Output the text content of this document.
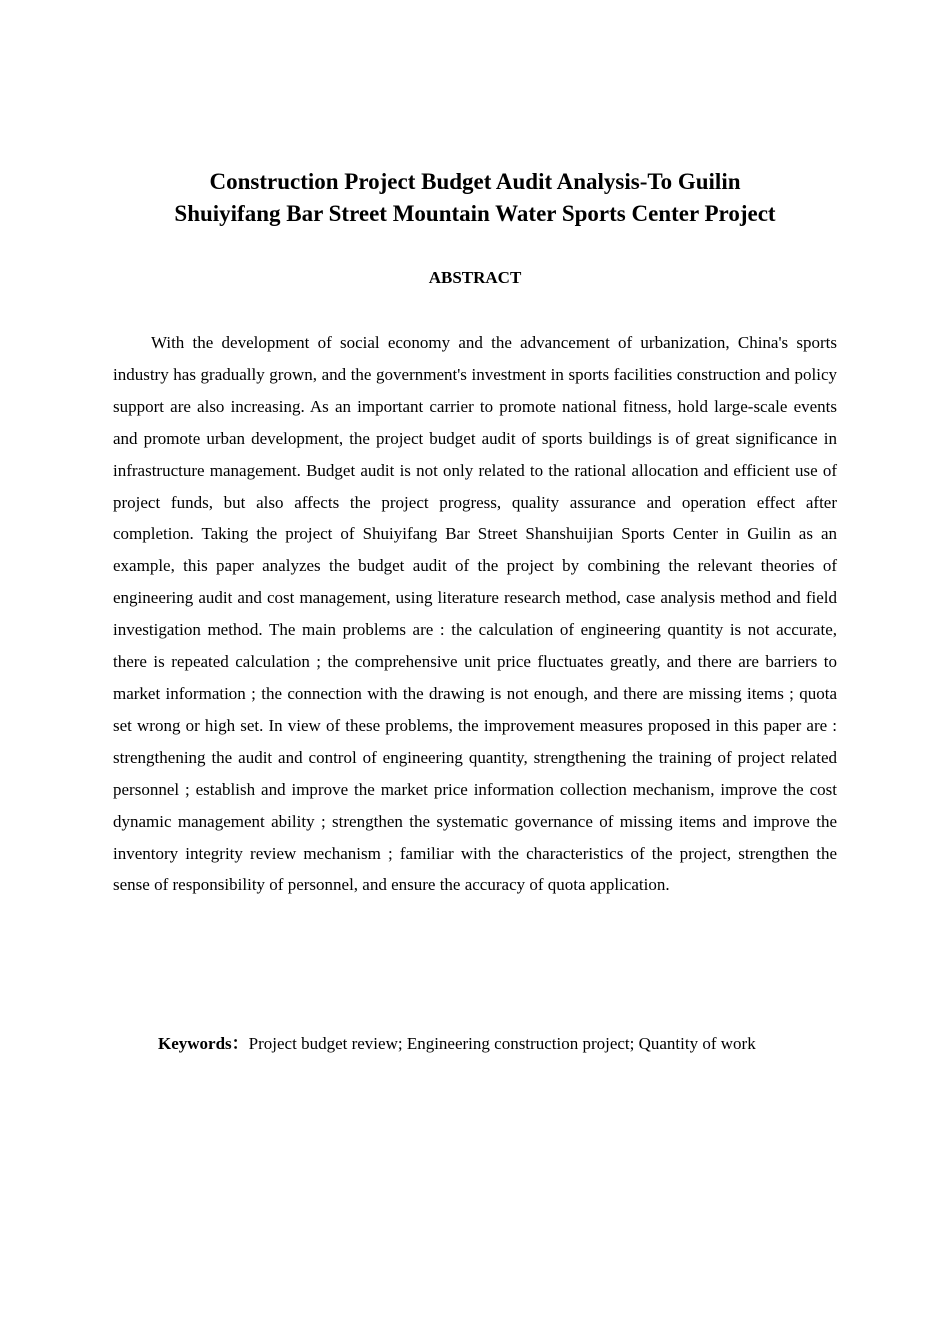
Construction Project Budget Audit Analysis-To Guilin
Shuiyifang Bar Street Mountain Water Sports Center Project
ABSTRACT

With the development of social economy and the advancement of urbanization, China's sports industry has gradually grown, and the government's investment in sports facilities construction and policy support are also increasing. As an important carrier to promote national fitness, hold large-scale events and promote urban development, the project budget audit of sports buildings is of great significance in infrastructure management. Budget audit is not only related to the rational allocation and efficient use of project funds, but also affects the project progress, quality assurance and operation effect after completion. Taking the project of Shuiyifang Bar Street Shanshuijian Sports Center in Guilin as an example, this paper analyzes the budget audit of the project by combining the relevant theories of engineering audit and cost management, using literature research method, case analysis method and field investigation method. The main problems are : the calculation of engineering quantity is not accurate, there is repeated calculation ; the comprehensive unit price fluctuates greatly, and there are barriers to market information ; the connection with the drawing is not enough, and there are missing items ; quota set wrong or high set. In view of these problems, the improvement measures proposed in this paper are : strengthening the audit and control of engineering quantity, strengthening the training of project related personnel ; establish and improve the market price information collection mechanism, improve the cost dynamic management ability ; strengthen the systematic governance of missing items and improve the inventory integrity review mechanism ; familiar with the characteristics of the project, strengthen the sense of responsibility of personnel, and ensure the accuracy of quota application.

Keywords：Project budget review; Engineering construction project; Quantity of work
